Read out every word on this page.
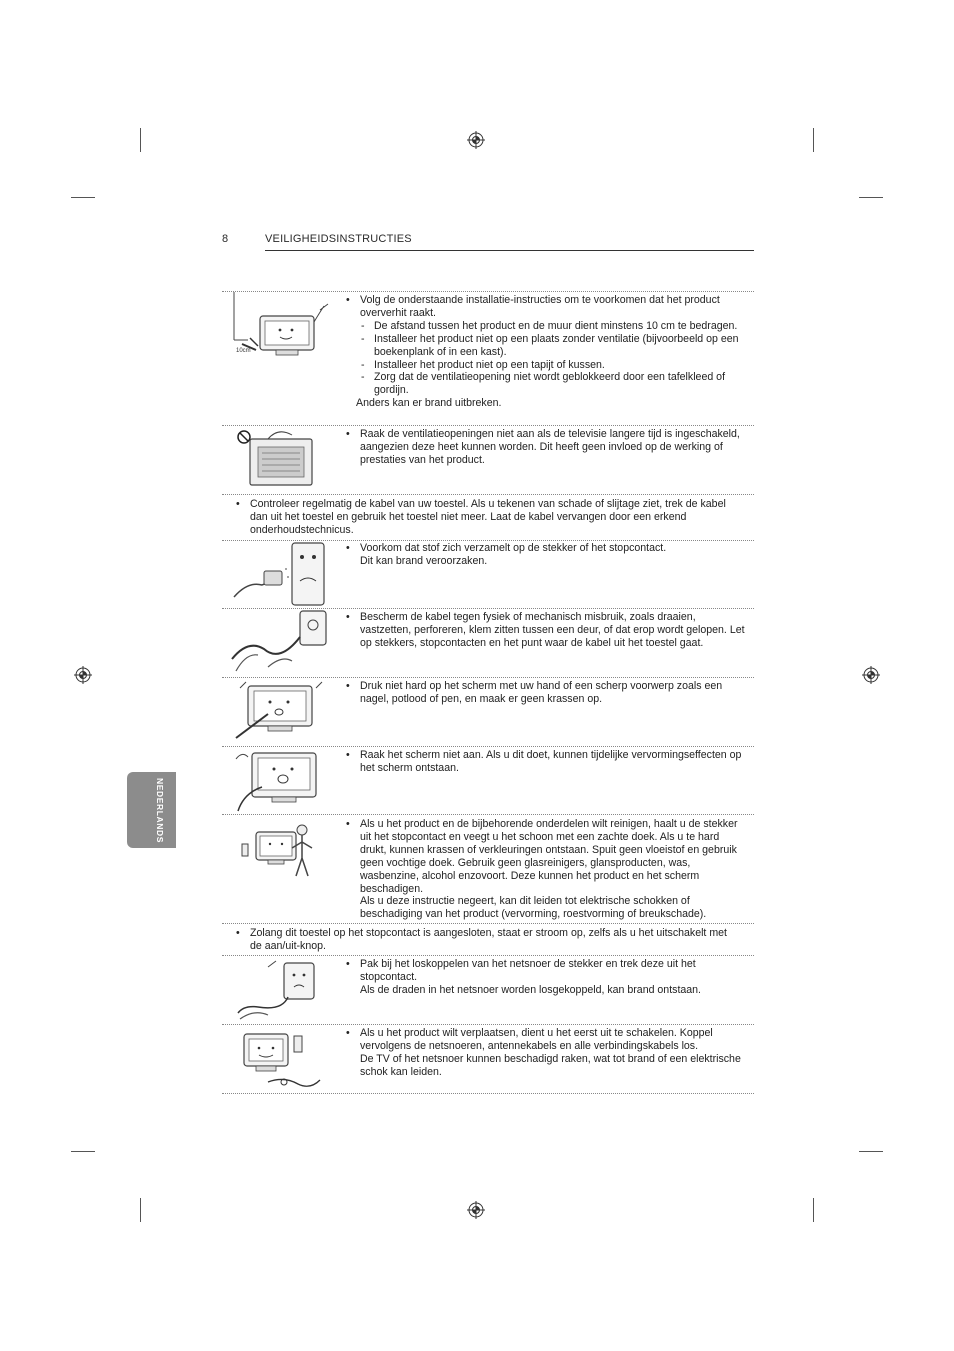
8	VEILIGHEIDSINSTRUCTIES
NEDERLANDS
10cm
• Volg de onderstaande installatie-instructies om te voorkomen dat het product oververhit raakt.
- De afstand tussen het product en de muur dient minstens 10 cm te bedragen.
- Installeer het product niet op een plaats zonder ventilatie (bijvoorbeeld op een boekenplank of in een kast).
- Installeer het product niet op een tapijt of kussen.
- Zorg dat de ventilatieopening niet wordt geblokkeerd door een tafelkleed of gordijn.
Anders kan er brand uitbreken.
• Raak de ventilatieopeningen niet aan als de televisie langere tijd is ingeschakeld, aangezien deze heet kunnen worden. Dit heeft geen invloed op de werking of prestaties van het product.
• Controleer regelmatig de kabel van uw toestel. Als u tekenen van schade of slijtage ziet, trek de kabel dan uit het toestel en gebruik het toestel niet meer. Laat de kabel vervangen door een erkend onderhoudstechnicus.
• Voorkom dat stof zich verzamelt op de stekker of het stopcontact.
Dit kan brand veroorzaken.
• Bescherm de kabel tegen fysiek of mechanisch misbruik, zoals draaien, vastzetten, perforeren, klem zitten tussen een deur, of dat erop wordt gelopen. Let op stekkers, stopcontacten en het punt waar de kabel uit het toestel gaat.
• Druk niet hard op het scherm met uw hand of een scherp voorwerp zoals een nagel, potlood of pen, en maak er geen krassen op.
• Raak het scherm niet aan. Als u dit doet, kunnen tijdelijke vervormingseffecten op het scherm ontstaan.
• Als u het product en de bijbehorende onderdelen wilt reinigen, haalt u de stekker uit het stopcontact en veegt u het schoon met een zachte doek. Als u te hard drukt, kunnen krassen of verkleuringen ontstaan. Spuit geen vloeistof en gebruik geen vochtige doek. Gebruik geen glasreinigers, glansproducten, was, wasbenzine, alcohol enzovoort. Deze kunnen het product en het scherm beschadigen.
Als u deze instructie negeert, kan dit leiden tot elektrische schokken of beschadiging van het product (vervorming, roestvorming of breukschade).
• Zolang dit toestel op het stopcontact is aangesloten, staat er stroom op, zelfs als u het uitschakelt met de aan/uit-knop.
• Pak bij het loskoppelen van het netsnoer de stekker en trek deze uit het stopcontact.
Als de draden in het netsnoer worden losgekoppeld, kan brand ontstaan.
• Als u het product wilt verplaatsen, dient u het eerst uit te schakelen. Koppel vervolgens de netsnoeren, antennekabels en alle verbindingskabels los.
De TV of het netsnoer kunnen beschadigd raken, wat tot brand of een elektrische schok kan leiden.
